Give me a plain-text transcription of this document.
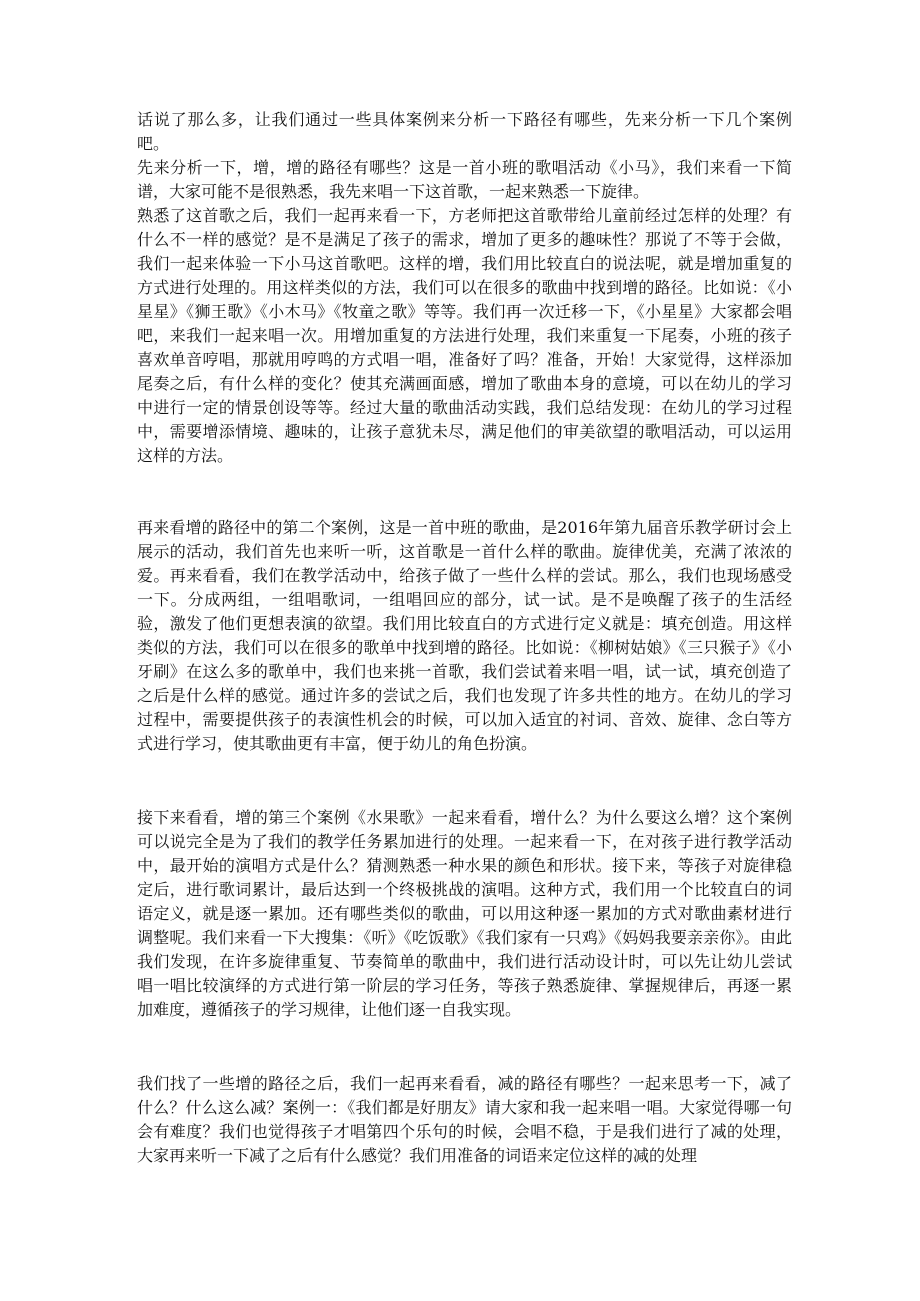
话说了那么多，让我们通过一些具体案例来分析一下路径有哪些，先来分析一下几个案例吧。

先来分析一下，增，增的路径有哪些？这是一首小班的歌唱活动《小马》，我们来看一下简谱，大家可能不是很熟悉，我先来唱一下这首歌，一起来熟悉一下旋律。

熟悉了这首歌之后，我们一起再来看一下，方老师把这首歌带给儿童前经过怎样的处理？有什么不一样的感觉？是不是满足了孩子的需求，增加了更多的趣味性？那说了不等于会做，我们一起来体验一下小马这首歌吧。这样的增，我们用比较直白的说法呢，就是增加重复的方式进行处理的。用这样类似的方法，我们可以在很多的歌曲中找到增的路径。比如说：《小星星》《狮王歌》《小木马》《牧童之歌》等等。我们再一次迁移一下，《小星星》大家都会唱吧，来我们一起来唱一次。用增加重复的方法进行处理，我们来重复一下尾奏，小班的孩子喜欢单音哼唱，那就用哼鸣的方式唱一唱，准备好了吗？准备，开始！大家觉得，这样添加尾奏之后，有什么样的变化？使其充满画面感，增加了歌曲本身的意境，可以在幼儿的学习中进行一定的情景创设等等。经过大量的歌曲活动实践，我们总结发现：在幼儿的学习过程中，需要增添情境、趣味的，让孩子意犹未尽，满足他们的审美欲望的歌唱活动，可以运用这样的方法。

再来看增的路径中的第二个案例，这是一首中班的歌曲，是2016年第九届音乐教学研讨会上展示的活动，我们首先也来听一听，这首歌是一首什么样的歌曲。旋律优美，充满了浓浓的爱。再来看看，我们在教学活动中，给孩子做了一些什么样的尝试。那么，我们也现场感受一下。分成两组，一组唱歌词，一组唱回应的部分，试一试。是不是唤醒了孩子的生活经验，激发了他们更想表演的欲望。我们用比较直白的方式进行定义就是：填充创造。用这样类似的方法，我们可以在很多的歌单中找到增的路径。比如说：《柳树姑娘》《三只猴子》《小牙刷》在这么多的歌单中，我们也来挑一首歌，我们尝试着来唱一唱，试一试，填充创造了之后是什么样的感觉。通过许多的尝试之后，我们也发现了许多共性的地方。在幼儿的学习过程中，需要提供孩子的表演性机会的时候，可以加入适宜的衬词、音效、旋律、念白等方式进行学习，使其歌曲更有丰富，便于幼儿的角色扮演。

接下来看看，增的第三个案例《水果歌》一起来看看，增什么？为什么要这么增？这个案例可以说完全是为了我们的教学任务累加进行的处理。一起来看一下，在对孩子进行教学活动中，最开始的演唱方式是什么？猜测熟悉一种水果的颜色和形状。接下来，等孩子对旋律稳定后，进行歌词累计，最后达到一个终极挑战的演唱。这种方式，我们用一个比较直白的词语定义，就是逐一累加。还有哪些类似的歌曲，可以用这种逐一累加的方式对歌曲素材进行调整呢。我们来看一下大搜集：《听》《吃饭歌》《我们家有一只鸡》《妈妈我要亲亲你》。由此我们发现，在许多旋律重复、节奏简单的歌曲中，我们进行活动设计时，可以先让幼儿尝试唱一唱比较演绎的方式进行第一阶层的学习任务，等孩子熟悉旋律、掌握规律后，再逐一累加难度，遵循孩子的学习规律，让他们逐一自我实现。

我们找了一些增的路径之后，我们一起再来看看，减的路径有哪些？一起来思考一下，减了什么？什么这么减？案例一：《我们都是好朋友》请大家和我一起来唱一唱。大家觉得哪一句会有难度？我们也觉得孩子才唱第四个乐句的时候，会唱不稳，于是我们进行了减的处理，大家再来听一下减了之后有什么感觉？我们用准备的词语来定位这样的减的处理
